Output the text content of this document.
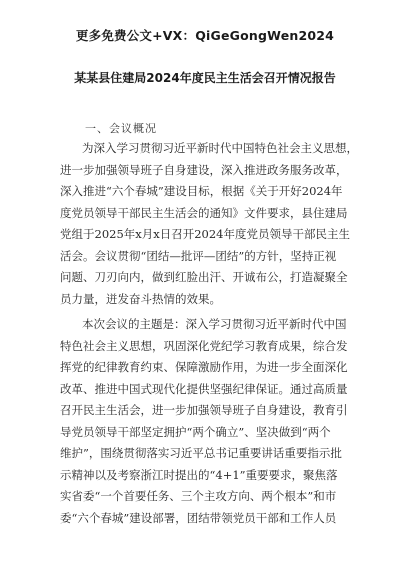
更多免费公文+VX：QiGeGongWen2024
某某县住建局2024年度民主生活会召开情况报告
一、会议概况
为深入学习贯彻习近平新时代中国特色社会主义思想，
进一步加强领导班子自身建设，深入推进政务服务改革，
深入推进“六个春城”建设目标，根据《关于开好2024年
度党员领导干部民主生活会的通知》文件要求，县住建局
党组于2025年x月x日召开2024年度党员领导干部民主生
活会。会议贯彻“团结—批评—团结”的方针，坚持正视
问题、刀刃向内，做到红脸出汗、开诚布公，打造凝聚全
员力量，迸发奋斗热情的效果。
本次会议的主题是：深入学习贯彻习近平新时代中国
特色社会主义思想，巩固深化党纪学习教育成果，综合发
挥党的纪律教育约束、保障激励作用，为进一步全面深化
改革、推进中国式现代化提供坚强纪律保证。通过高质量
召开民主生活会，进一步加强领导班子自身建设，教育引
导党员领导干部坚定拥护“两个确立”、坚决做到“两个
维护”，围绕贯彻落实习近平总书记重要讲话重要指示批
示精神以及考察浙江时提出的“4+1”重要要求，聚焦落
实省委“一个首要任务、三个主攻方向、两个根本”和市
委“六个春城”建设部署，团结带领党员干部和工作人员
